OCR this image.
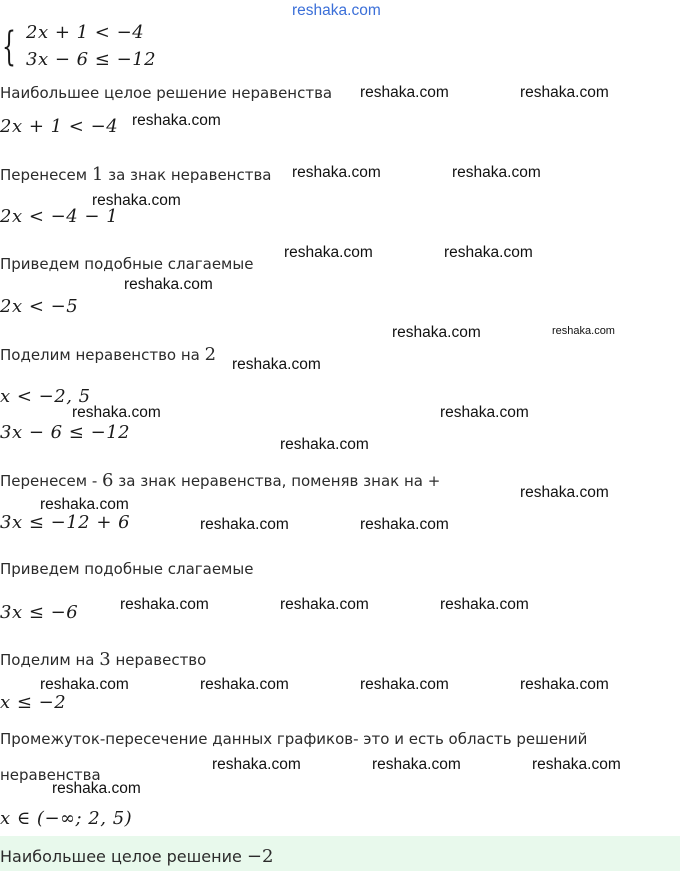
reshaka.com
{ 2x + 1 < −4
3x − 6 ≤ −12
Наибольшее целое решение неравенства reshaka.com	reshaka.com
2x + 1 < −4 reshaka.com
Перенесем 1 за знак неравенства reshaka.com	reshaka.com
reshaka.com
2x < −4 − 1
Приведем подобные слагаемые
reshaka.com	reshaka.com
reshaka.com
2x < −5
reshaka.com	reshaka.com
Поделим неравенство на 2 reshaka.com
x < −2, 5
reshaka.com	reshaka.com
3x − 6 ≤ −12
reshaka.com
Перенесем - 6 за знак неравенства, поменяв знак на +
reshaka.com
reshaka.com
3x ≤ −12 + 6	reshaka.com	reshaka.com
Приведем подобные слагаемые
reshaka.com	reshaka.com	reshaka.com
3x ≤ −6
Поделим на 3 неравество
reshaka.com	reshaka.com	reshaka.com	reshaka.com
x ≤ −2
Промежуток-пересечение данных графиков- это и есть область решений
неравенства
reshaka.com	reshaka.com	reshaka.com
reshaka.com
x ∈ (−∞; 2, 5)
Наибольшее целое решение −2
